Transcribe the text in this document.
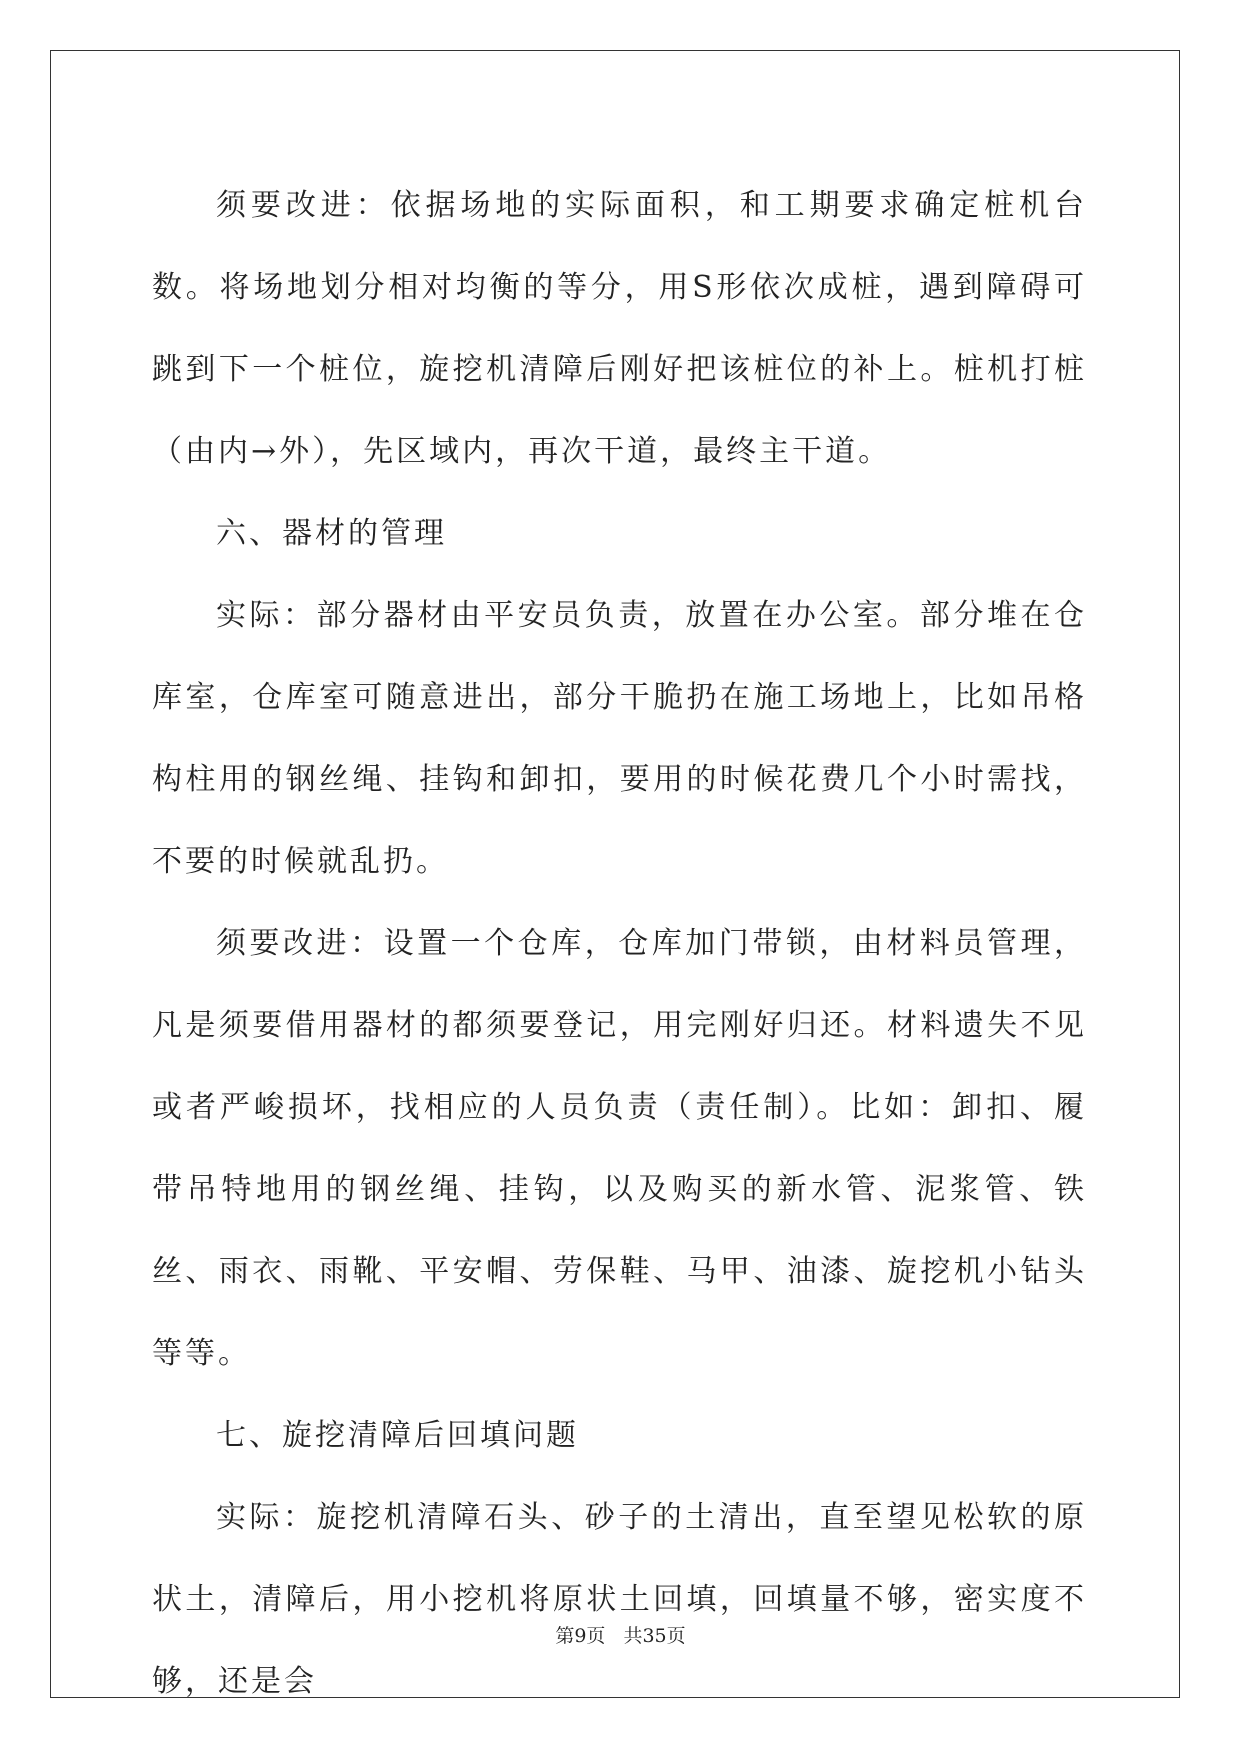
须要改进：依据场地的实际面积，和工期要求确定桩机台数。将场地划分相对均衡的等分，用S形依次成桩，遇到障碍可跳到下一个桩位，旋挖机清障后刚好把该桩位的补上。桩机打桩（由内→外），先区域内，再次干道，最终主干道。

六、器材的管理

实际：部分器材由平安员负责，放置在办公室。部分堆在仓库室，仓库室可随意进出，部分干脆扔在施工场地上，比如吊格构柱用的钢丝绳、挂钩和卸扣，要用的时候花费几个小时需找，不要的时候就乱扔。

须要改进：设置一个仓库，仓库加门带锁，由材料员管理，凡是须要借用器材的都须要登记，用完刚好归还。材料遗失不见或者严峻损坏，找相应的人员负责（责任制）。比如：卸扣、履带吊特地用的钢丝绳、挂钩，以及购买的新水管、泥浆管、铁丝、雨衣、雨靴、平安帽、劳保鞋、马甲、油漆、旋挖机小钻头等等。

七、旋挖清障后回填问题

实际：旋挖机清障石头、砂子的土清出，直至望见松软的原状土，清障后，用小挖机将原状土回填，回填量不够，密实度不够，还是会

第9页 共35页
